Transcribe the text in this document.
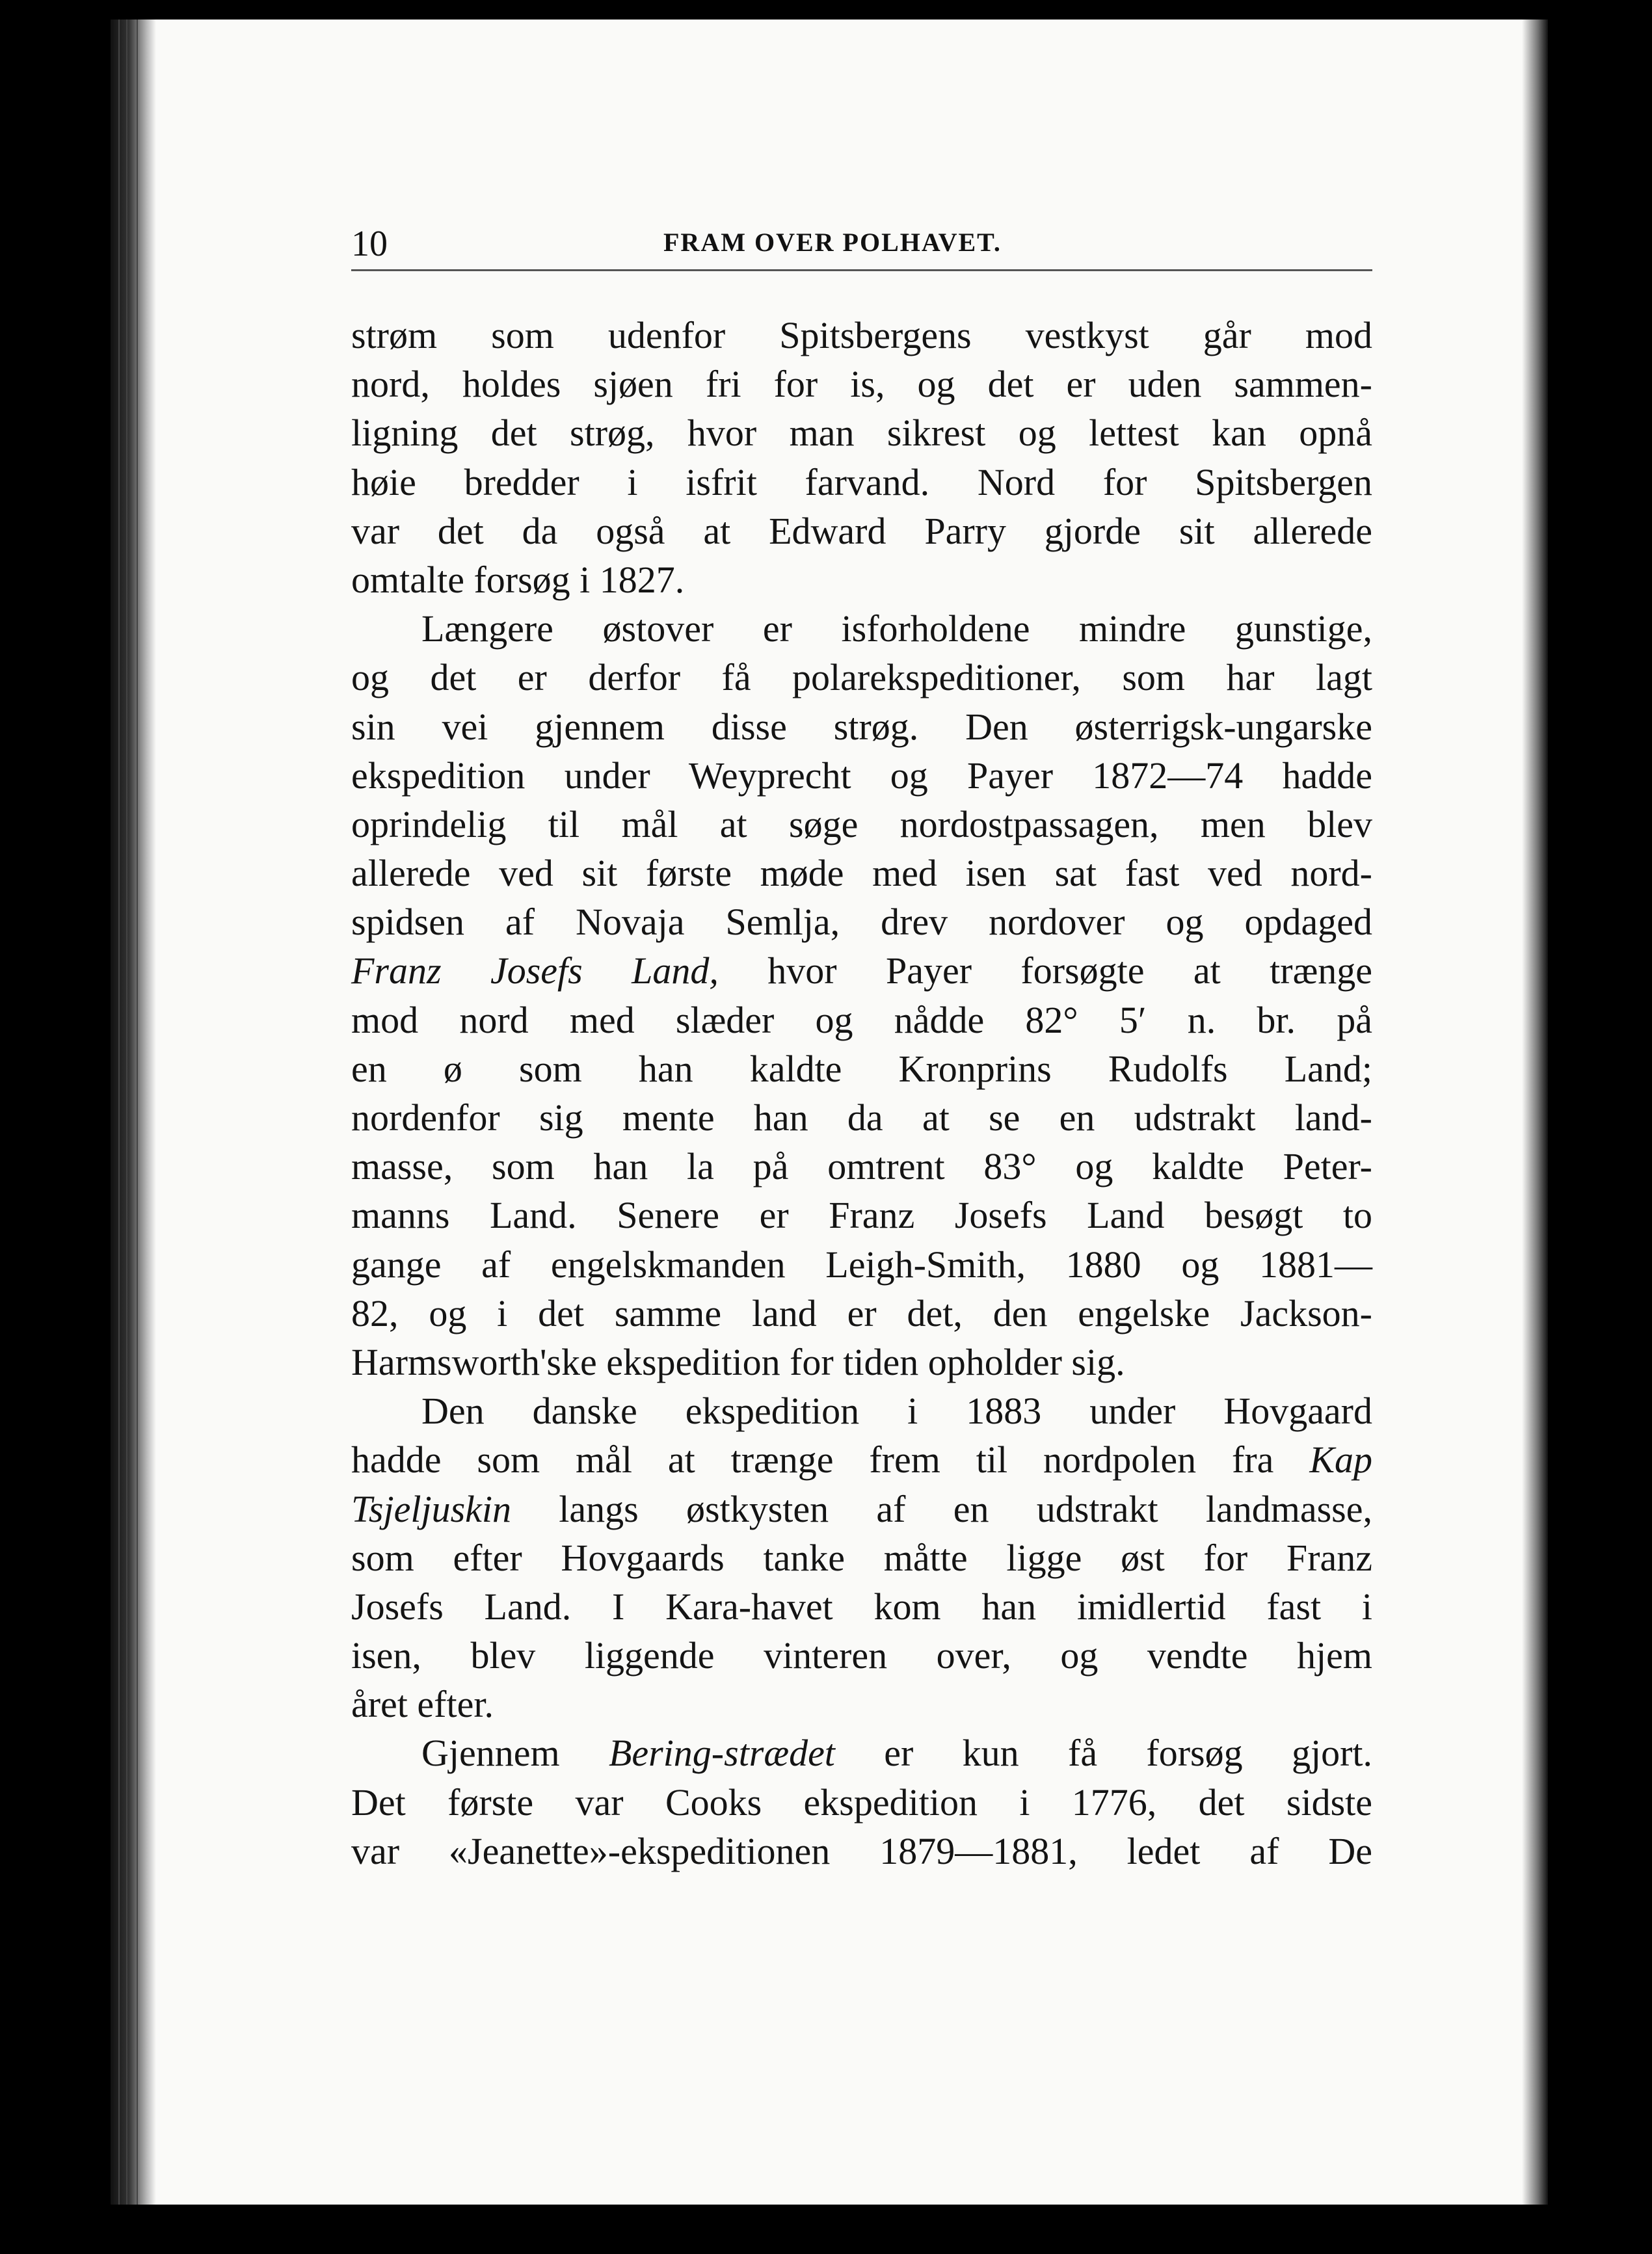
10	FRAM OVER POLHAVET.
strøm som udenfor Spitsbergens vestkyst går mod
nord, holdes sjøen fri for is, og det er uden sammen-
ligning det strøg, hvor man sikrest og lettest kan opnå
høie bredder i isfrit farvand. Nord for Spitsbergen
var det da også at Edward Parry gjorde sit allerede
omtalte forsøg i 1827.
Længere østover er isforholdene mindre gunstige,
og det er derfor få polarekspeditioner, som har lagt
sin vei gjennem disse strøg. Den østerrigsk-ungarske
ekspedition under Weyprecht og Payer 1872—74 hadde
oprindelig til mål at søge nordostpassagen, men blev
allerede ved sit første møde med isen sat fast ved nord-
spidsen af Novaja Semlja, drev nordover og opdaged
Franz Josefs Land, hvor Payer forsøgte at trænge
mod nord med slæder og nådde 82° 5′ n. br. på
en ø som han kaldte Kronprins Rudolfs Land;
nordenfor sig mente han da at se en udstrakt land-
masse, som han la på omtrent 83° og kaldte Peter-
manns Land. Senere er Franz Josefs Land besøgt to
gange af engelskmanden Leigh-Smith, 1880 og 1881—
82, og i det samme land er det, den engelske Jackson-
Harmsworth'ske ekspedition for tiden opholder sig.
Den danske ekspedition i 1883 under Hovgaard
hadde som mål at trænge frem til nordpolen fra Kap
Tsjeljuskin langs østkysten af en udstrakt landmasse,
som efter Hovgaards tanke måtte ligge øst for Franz
Josefs Land. I Kara-havet kom han imidlertid fast i
isen, blev liggende vinteren over, og vendte hjem
året efter.
Gjennem Bering-strædet er kun få forsøg gjort.
Det første var Cooks ekspedition i 1776, det sidste
var «Jeanette»-ekspeditionen 1879—1881, ledet af De
